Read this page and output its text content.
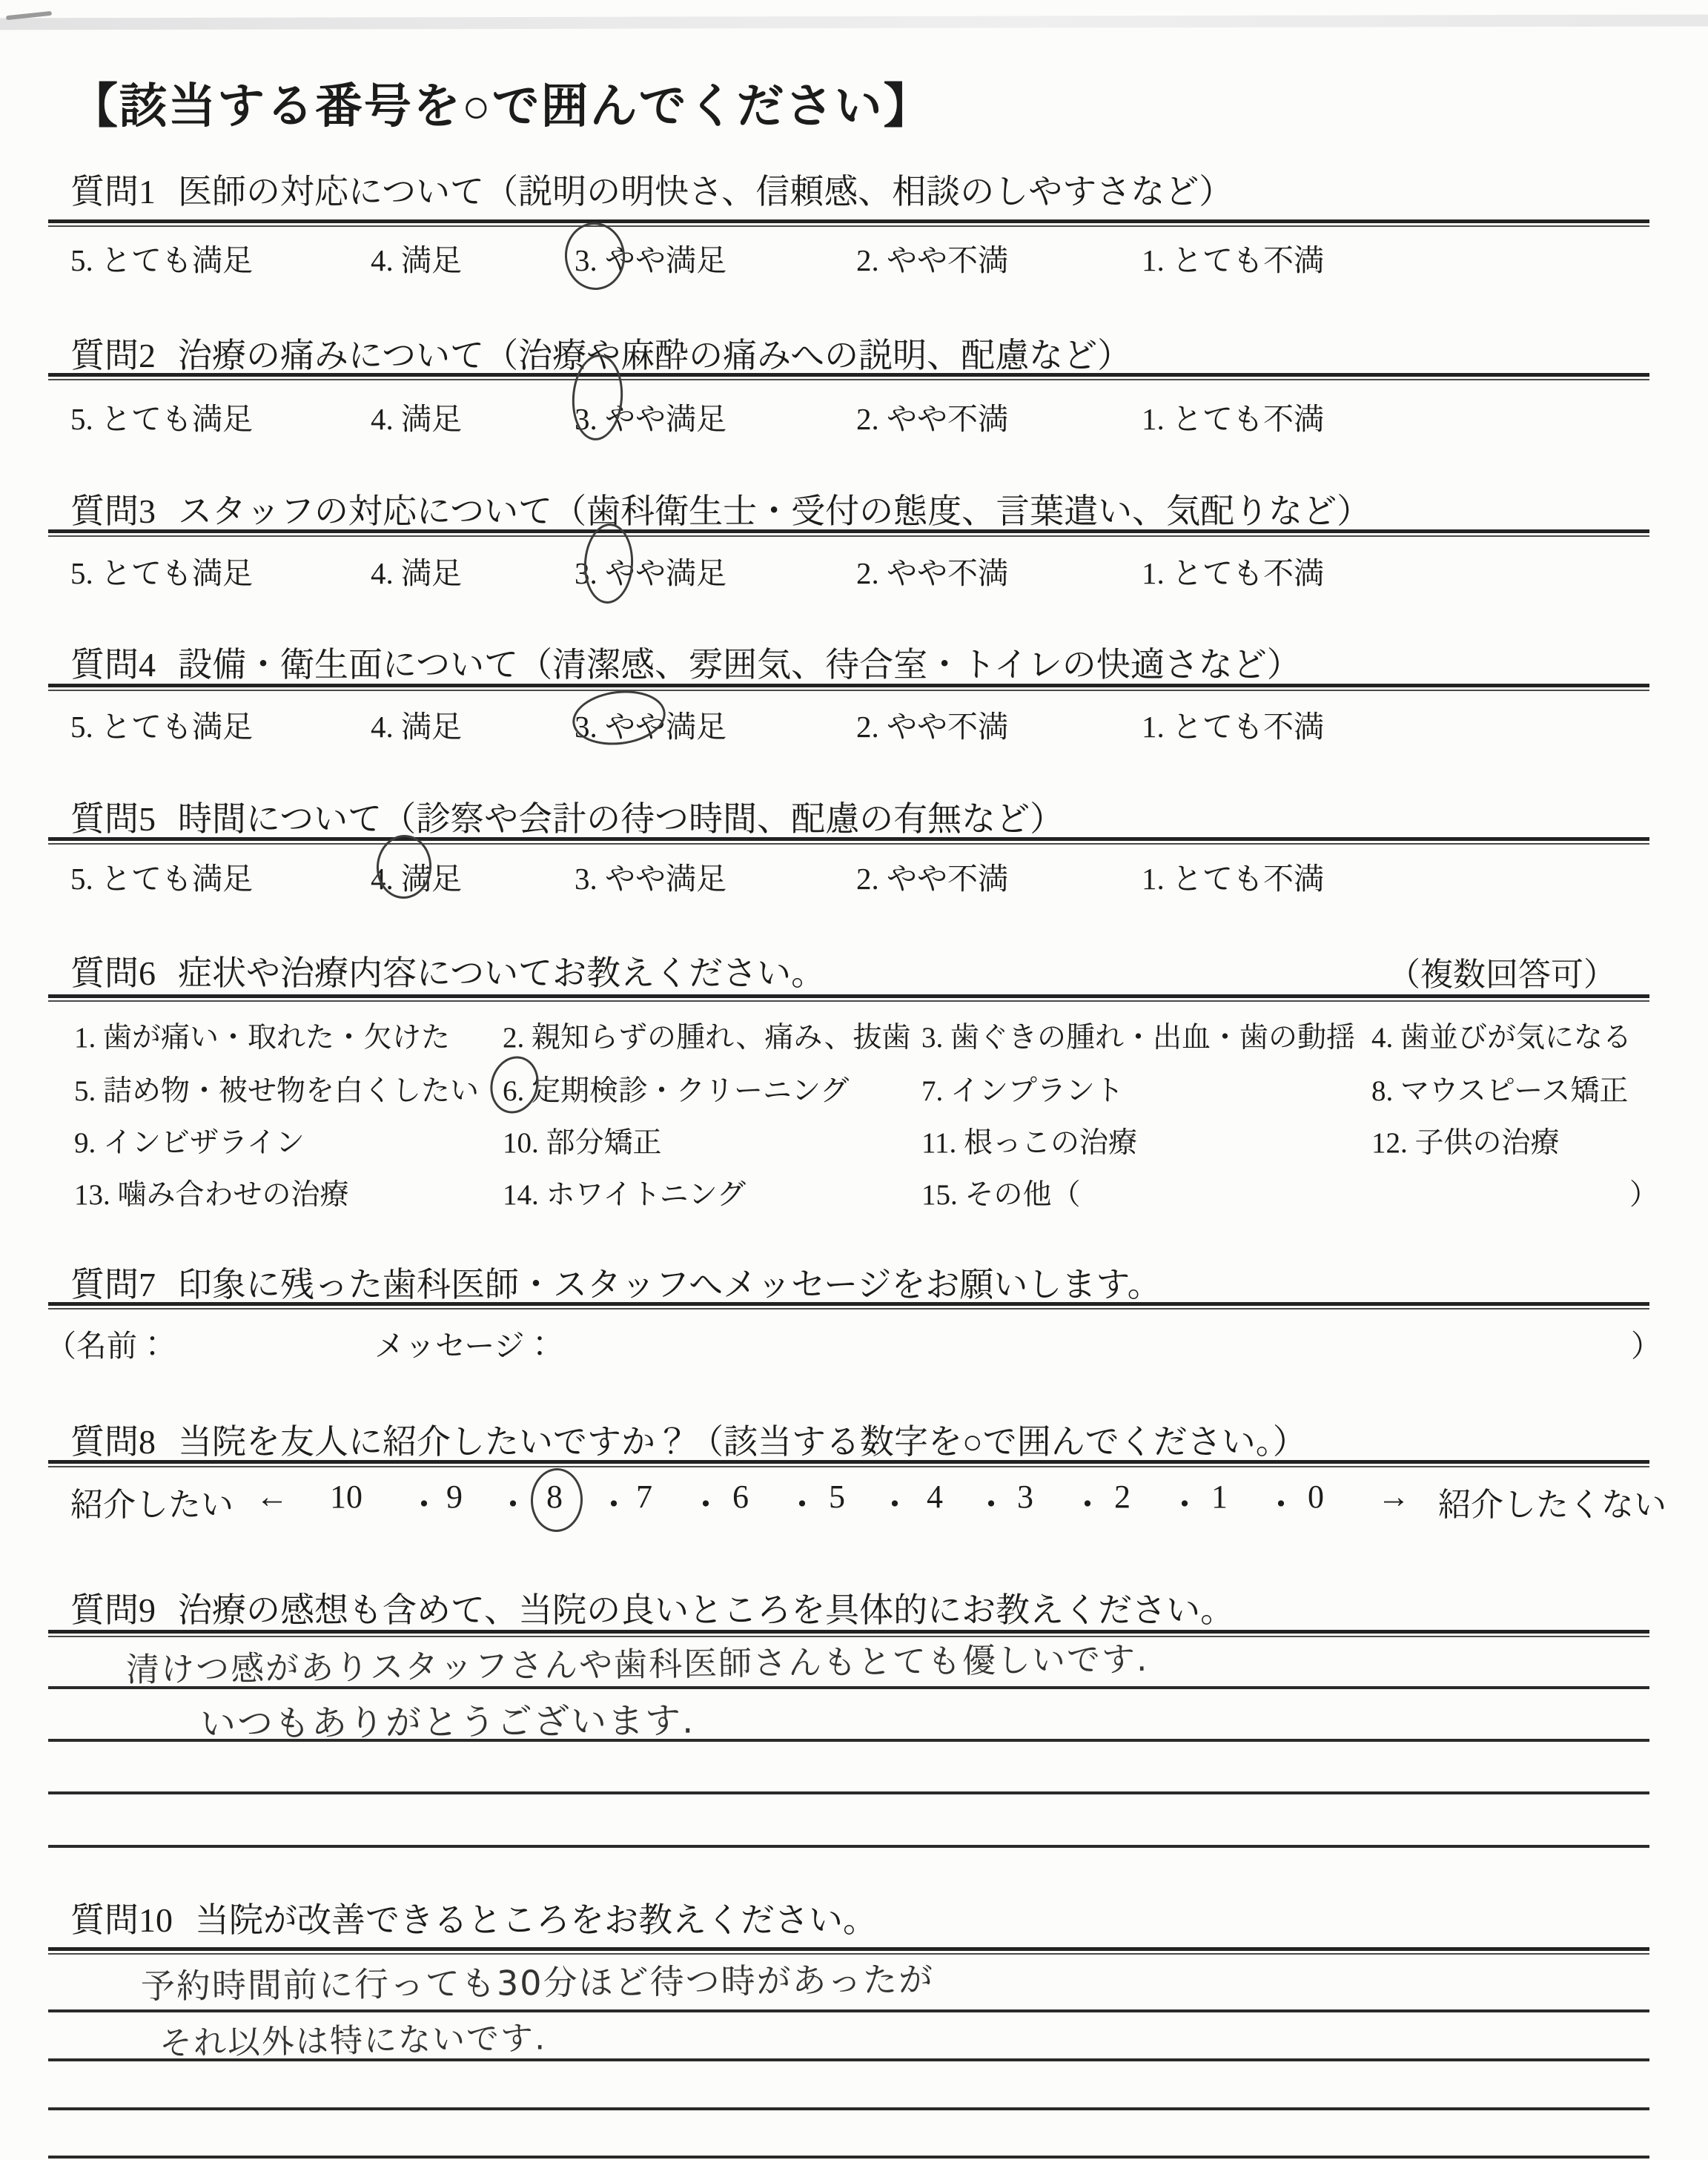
【該当する番号を○で囲んでください】
質問1 医師の対応について（説明の明快さ、信頼感、相談のしやすさなど）
5. とても満足	4. 満足	3. やや満足	2. やや不満	1. とても不満
質問2 治療の痛みについて（治療や麻酔の痛みへの説明、配慮など）
5. とても満足	4. 満足	3. やや満足	2. やや不満	1. とても不満
質問3 スタッフの対応について（歯科衛生士・受付の態度、言葉遣い、気配りなど）
5. とても満足	4. 満足	3. やや満足	2. やや不満	1. とても不満
質問4 設備・衛生面について（清潔感、雰囲気、待合室・トイレの快適さなど）
5. とても満足	4. 満足	3. やや満足	2. やや不満	1. とても不満
質問5 時間について（診察や会計の待つ時間、配慮の有無など）
5. とても満足	4. 満足	3. やや満足	2. やや不満	1. とても不満
質問6 症状や治療内容についてお教えください。	（複数回答可）
1. 歯が痛い・取れた・欠けた 2. 親知らずの腫れ、痛み、抜歯 3. 歯ぐきの腫れ・出血・歯の動揺 4. 歯並びが気になる
5. 詰め物・被せ物を白くしたい 6. 定期検診・クリーニング	7. インプラント	8. マウスピース矯正
9. インビザライン	10. 部分矯正	11. 根っこの治療	12. 子供の治療
13. 噛み合わせの治療	14. ホワイトニング	15. その他（	）
質問7 印象に残った歯科医師・スタッフへメッセージをお願いします。
（名前：	メッセージ：	）
質問8 当院を友人に紹介したいですか？（該当する数字を○で囲んでください。）
紹介したい ← 10 ・ 9 ・ 8 ・ 7 ・ 6 ・ 5 ・ 4 ・ 3 ・ 2 ・ 1 ・ 0 → 紹介したくない
質問9 治療の感想も含めて、当院の良いところを具体的にお教えください。
清けつ感がありスタッフさんや歯科医師さんもとても優しいです.
いつもありがとうございます.
質問10 当院が改善できるところをお教えください。
予約時間前に行っても30分ほど待つ時があったが
それ以外は特にないです.
